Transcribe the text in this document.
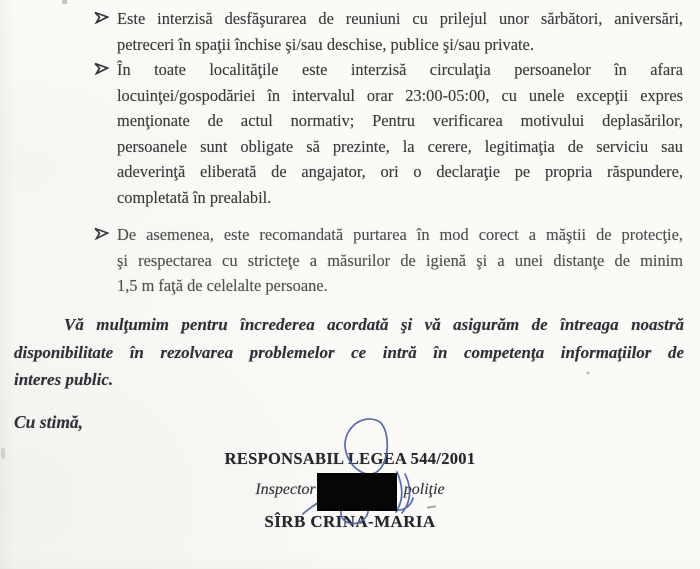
Este interzisă desfăşurarea de reuniuni cu prilejul unor sărbători, aniversări,
petreceri în spaţii închise şi/sau deschise, publice şi/sau private.
În toate localităţile este interzisă circulaţia persoanelor în afara
locuinţei/gospodăriei în intervalul orar 23:00-05:00, cu unele excepţii expres
menţionate de actul normativ; Pentru verificarea motivului deplasărilor,
persoanele sunt obligate să prezinte, la cerere, legitimaţia de serviciu sau
adeverinţă eliberată de angajator, ori o declaraţie pe propria răspundere,
completată în prealabil.
De asemenea, este recomandată purtarea în mod corect a măştii de protecţie,
şi respectarea cu stricteţe a măsurilor de igienă şi a unei distanţe de minim
1,5 m faţă de celelalte persoane.
Vă mulţumim pentru încrederea acordată şi vă asigurăm de întreaga noastră
disponibilitate în rezolvarea problemelor ce intră în competenţa informaţiilor de
interes public.
Cu stimă,
RESPONSABIL LEGEA 544/2001
Inspector	poliţie
SÎRB CRINA-MARIA
٭
